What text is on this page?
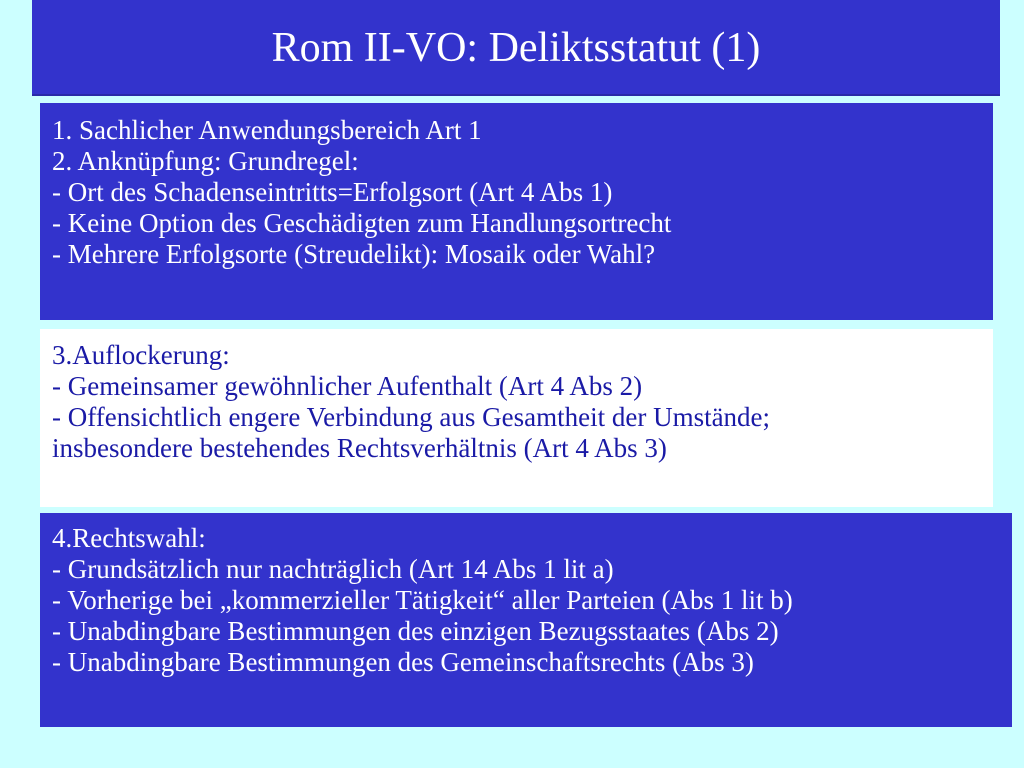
Rom II-VO: Deliktsstatut (1)
1. Sachlicher Anwendungsbereich Art 1
2. Anknüpfung: Grundregel:
- Ort des Schadenseintritts=Erfolgsort (Art 4 Abs 1)
- Keine Option des Geschädigten zum Handlungsortrecht
- Mehrere Erfolgsorte (Streudelikt): Mosaik oder Wahl?
3.Auflockerung:
- Gemeinsamer gewöhnlicher Aufenthalt (Art 4 Abs 2)
- Offensichtlich engere Verbindung aus Gesamtheit der Umstände;
insbesondere bestehendes Rechtsverhältnis (Art 4 Abs 3)
4.Rechtswahl:
- Grundsätzlich nur nachträglich (Art 14 Abs 1 lit a)
- Vorherige bei „kommerzieller Tätigkeit“ aller Parteien (Abs 1 lit b)
- Unabdingbare Bestimmungen des einzigen Bezugsstaates (Abs 2)
- Unabdingbare Bestimmungen des Gemeinschaftsrechts (Abs 3)
